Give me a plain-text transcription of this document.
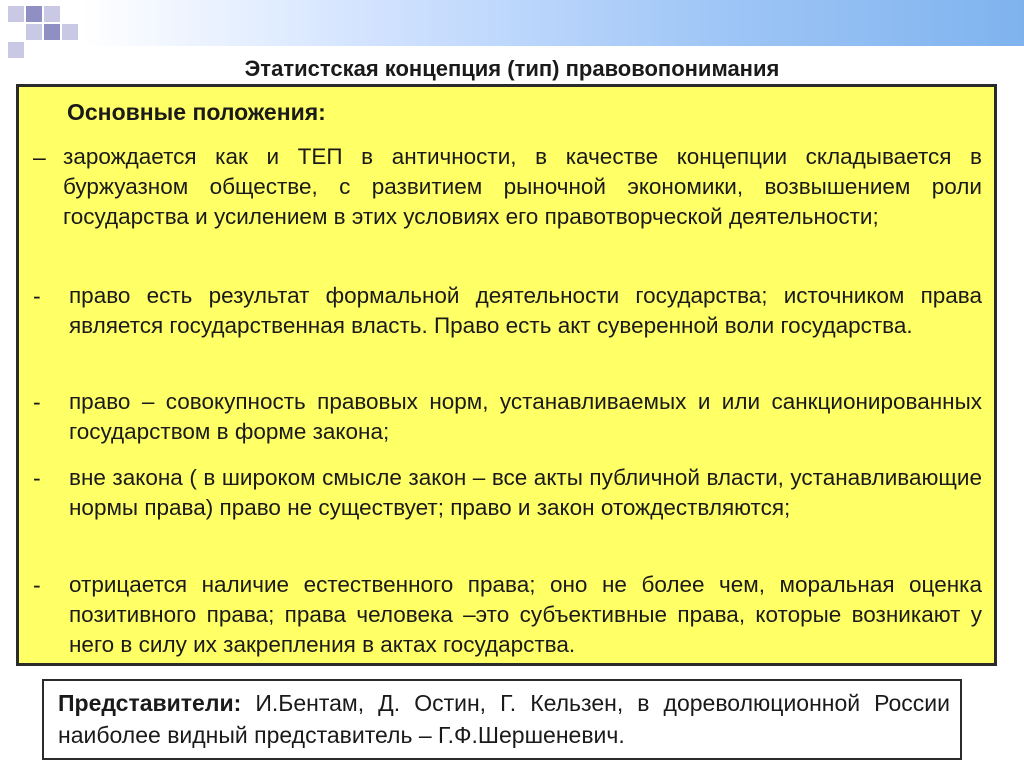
Этатистская концепция (тип) правовопонимания
Основные положения:
– зарождается как и ТЕП в античности, в качестве концепции складывается в буржуазном обществе, с развитием рыночной экономики, возвышением роли государства и усилением в этих условиях его правотворческой деятельности;
- право есть результат формальной деятельности государства; источником права является государственная власть. Право есть акт суверенной воли государства.
- право – совокупность правовых норм, устанавливаемых и или санкционированных государством в форме закона;
- вне закона ( в широком смысле закон – все акты публичной власти, устанавливающие нормы права) право не существует; право и закон отождествляются;
- отрицается наличие естественного права; оно не более чем, моральная оценка позитивного права; права человека –это субъективные права, которые возникают у него в силу их закрепления в актах государства.
Представители: И.Бентам, Д. Остин, Г. Кельзен, в дореволюционной России наиболее видный представитель – Г.Ф.Шершеневич.
